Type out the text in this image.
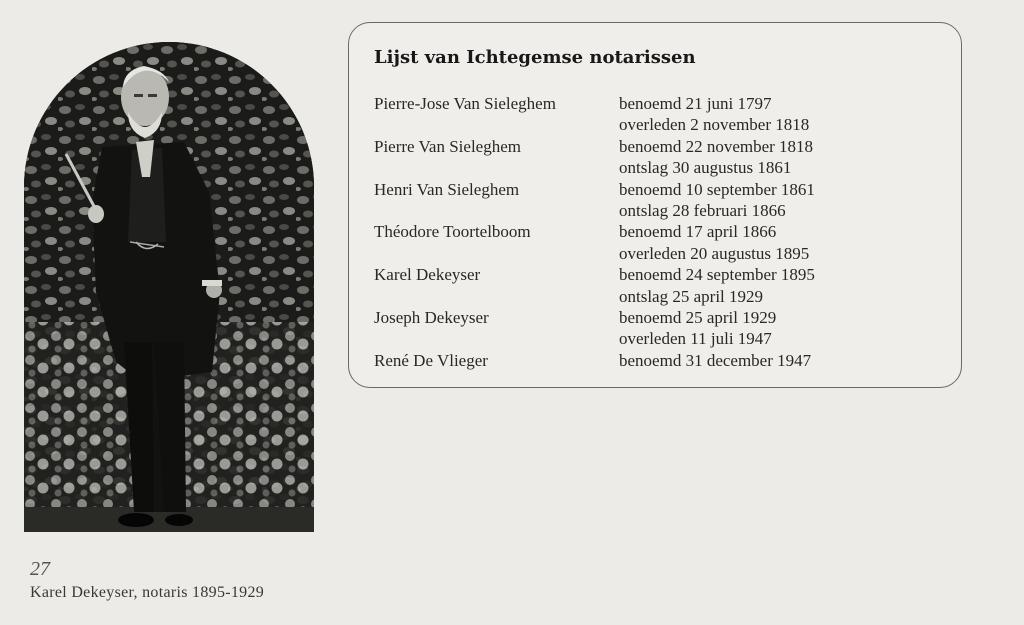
27
Karel Dekeyser, notaris 1895-1929
Lijst van Ichtegemse notarissen
Pierre-Jose Van Sieleghem	benoemd 21 juni 1797
overleden 2 november 1818
Pierre Van Sieleghem	benoemd 22 november 1818
ontslag 30 augustus 1861
Henri Van Sieleghem	benoemd 10 september 1861
ontslag 28 februari 1866
Théodore Toortelboom	benoemd 17 april 1866
overleden 20 augustus 1895
Karel Dekeyser	benoemd 24 september 1895
ontslag 25 april 1929
Joseph Dekeyser	benoemd 25 april 1929
overleden 11 juli 1947
René De Vlieger	benoemd 31 december 1947
